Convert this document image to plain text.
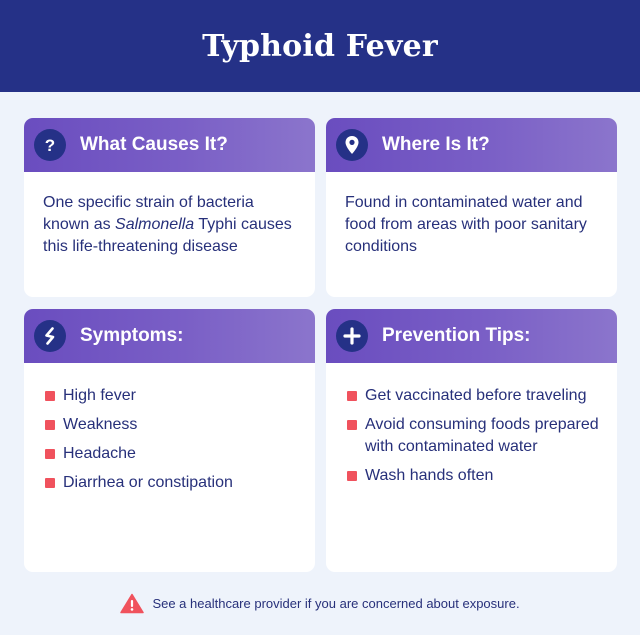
Typhoid Fever
? What Causes It?

One specific strain of bacteria known as Salmonella Typhi causes this life-threatening disease

Where Is It?

Found in contaminated water and food from areas with poor sanitary conditions

Symptoms:
High fever
Weakness
Headache
Diarrhea or constipation
Prevention Tips:
Get vaccinated before traveling
Avoid consuming foods prepared with contaminated water
Wash hands often
See a healthcare provider if you are concerned about exposure.
